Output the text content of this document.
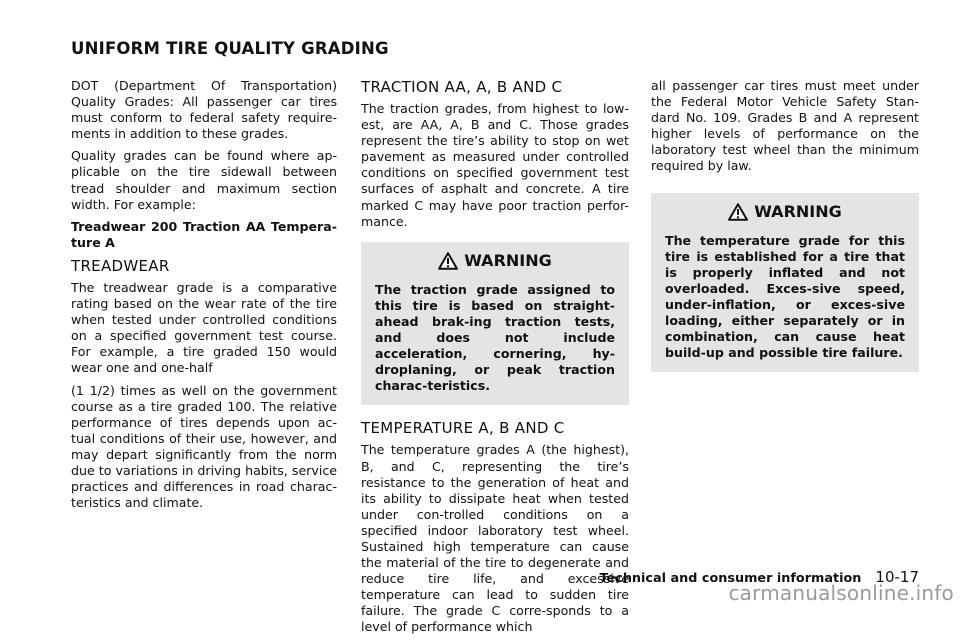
UNIFORM TIRE QUALITY GRADING

DOT (Department Of Transportation) Quality Grades: All passenger car tires must conform to federal safety require-ments in addition to these grades.

Quality grades can be found where ap-plicable on the tire sidewall between tread shoulder and maximum section width. For example:

Treadwear 200 Traction AA Tempera-ture A

TREADWEAR

The treadwear grade is a comparative rating based on the wear rate of the tire when tested under controlled conditions on a specified government test course. For example, a tire graded 150 would wear one and one-half

(1 1/2) times as well on the government course as a tire graded 100. The relative performance of tires depends upon ac-tual conditions of their use, however, and may depart significantly from the norm due to variations in driving habits, service practices and differences in road charac-teristics and climate.

TRACTION AA, A, B AND C

The traction grades, from highest to low-est, are AA, A, B and C. Those grades represent the tire’s ability to stop on wet pavement as measured under controlled conditions on specified government test surfaces of asphalt and concrete. A tire marked C may have poor traction perfor-mance.

WARNING
The traction grade assigned to this tire is based on straight-ahead brak-ing traction tests, and does not include acceleration, cornering, hy-droplaning, or peak traction charac-teristics.
TEMPERATURE A, B AND C

The temperature grades A (the highest), B, and C, representing the tire’s resistance to the generation of heat and its ability to dissipate heat when tested under con-trolled conditions on a specified indoor laboratory test wheel. Sustained high temperature can cause the material of the tire to degenerate and reduce tire life, and excessive temperature can lead to sudden tire failure. The grade C corre-sponds to a level of performance which

all passenger car tires must meet under the Federal Motor Vehicle Safety Stan-dard No. 109. Grades B and A represent higher levels of performance on the laboratory test wheel than the minimum required by law.

WARNING
The temperature grade for this tire is established for a tire that is properly inflated and not overloaded. Exces-sive speed, under-inflation, or exces-sive loading, either separately or in combination, can cause heat build-up and possible tire failure.
Technical and consumer information 10-17
carmanualsonline.info
